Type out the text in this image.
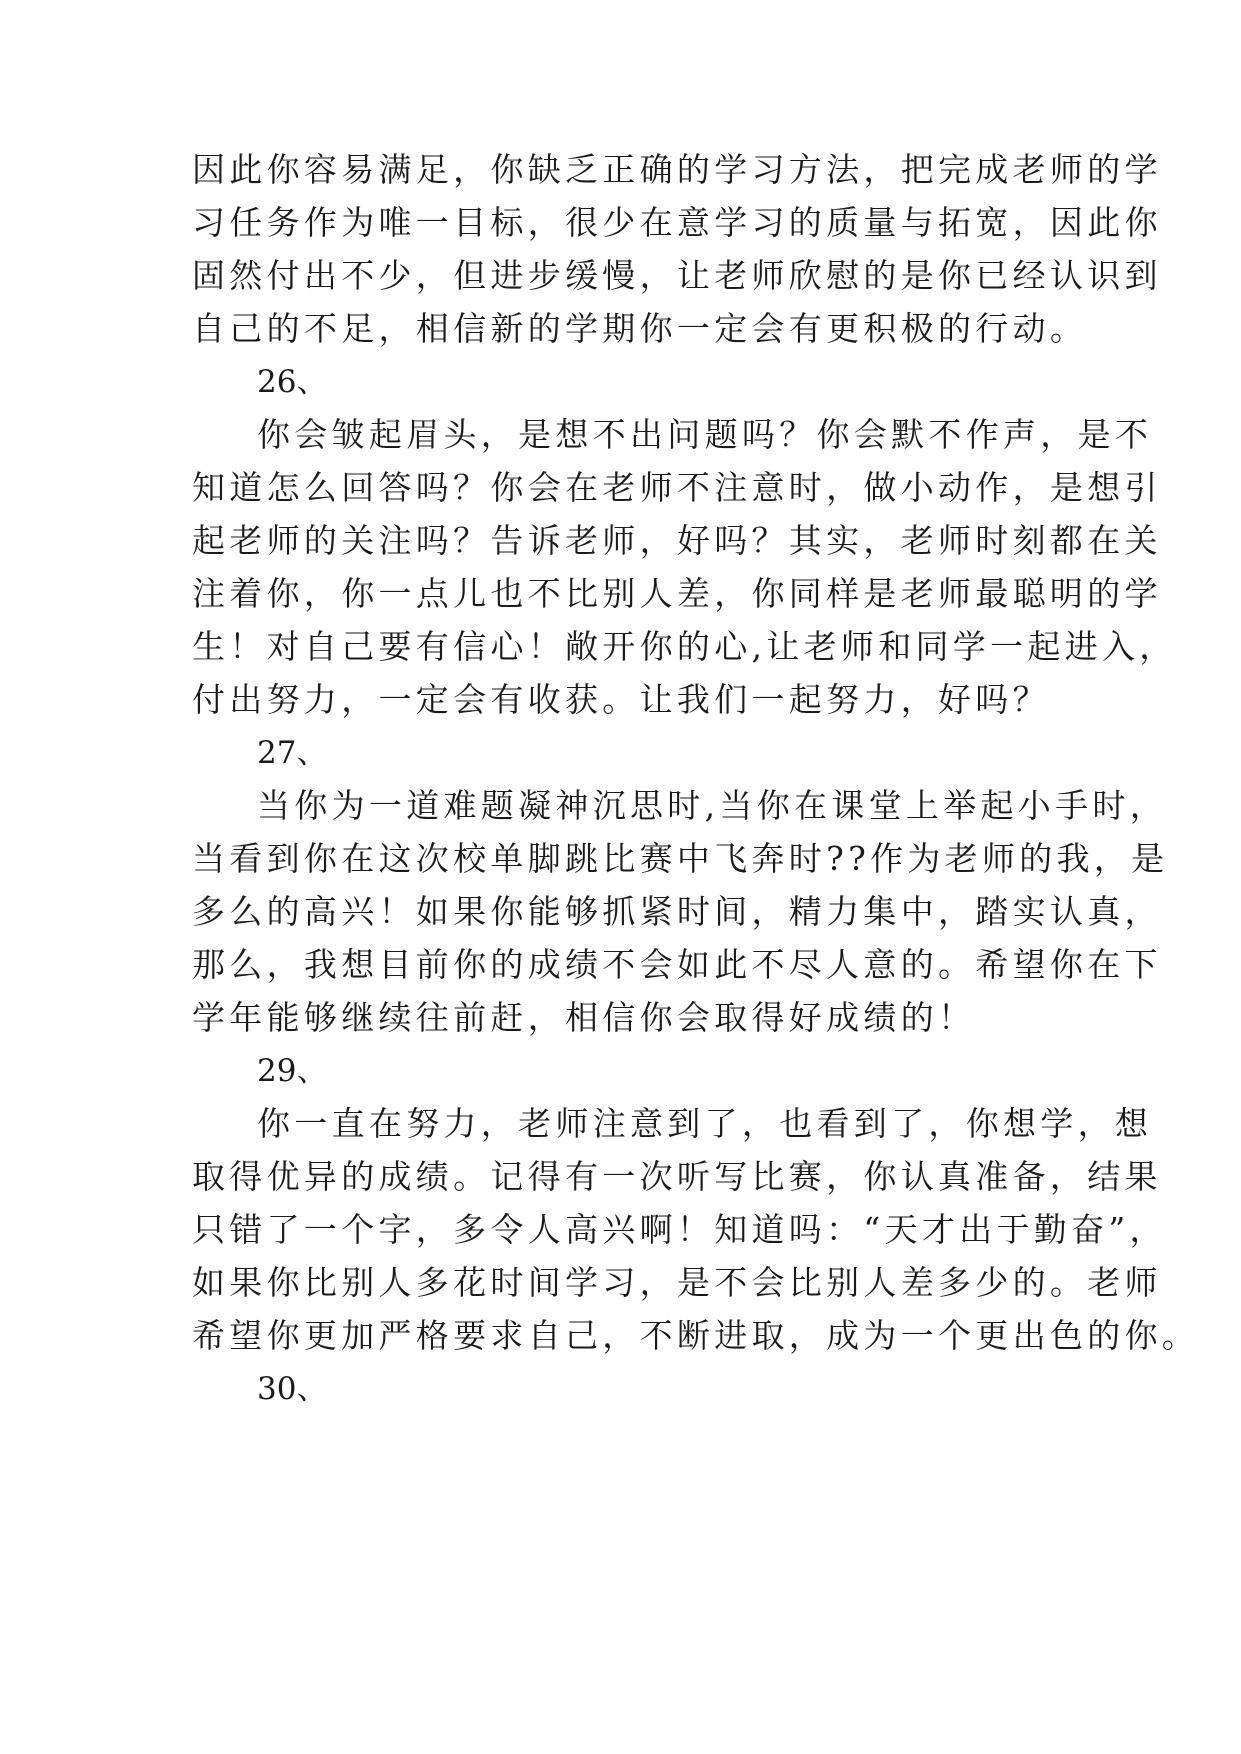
因此你容易满足，你缺乏正确的学习方法，把完成老师的学
习任务作为唯一目标，很少在意学习的质量与拓宽，因此你
固然付出不少，但进步缓慢，让老师欣慰的是你已经认识到
自己的不足，相信新的学期你一定会有更积极的行动。
26、
你会皱起眉头，是想不出问题吗？你会默不作声，是不
知道怎么回答吗？你会在老师不注意时，做小动作，是想引
起老师的关注吗？告诉老师，好吗？其实，老师时刻都在关
注着你，你一点儿也不比别人差，你同样是老师最聪明的学
生！对自己要有信心！敞开你的心,让老师和同学一起进入，
付出努力，一定会有收获。让我们一起努力，好吗？
27、
当你为一道难题凝神沉思时,当你在课堂上举起小手时，
当看到你在这次校单脚跳比赛中飞奔时??作为老师的我，是
多么的高兴！如果你能够抓紧时间，精力集中，踏实认真，
那么，我想目前你的成绩不会如此不尽人意的。希望你在下
学年能够继续往前赶，相信你会取得好成绩的！
29、
你一直在努力，老师注意到了，也看到了，你想学，想
取得优异的成绩。记得有一次听写比赛，你认真准备，结果
只错了一个字，多令人高兴啊！知道吗：“天才出于勤奋”，
如果你比别人多花时间学习，是不会比别人差多少的。老师
希望你更加严格要求自己，不断进取，成为一个更出色的你。
30、
